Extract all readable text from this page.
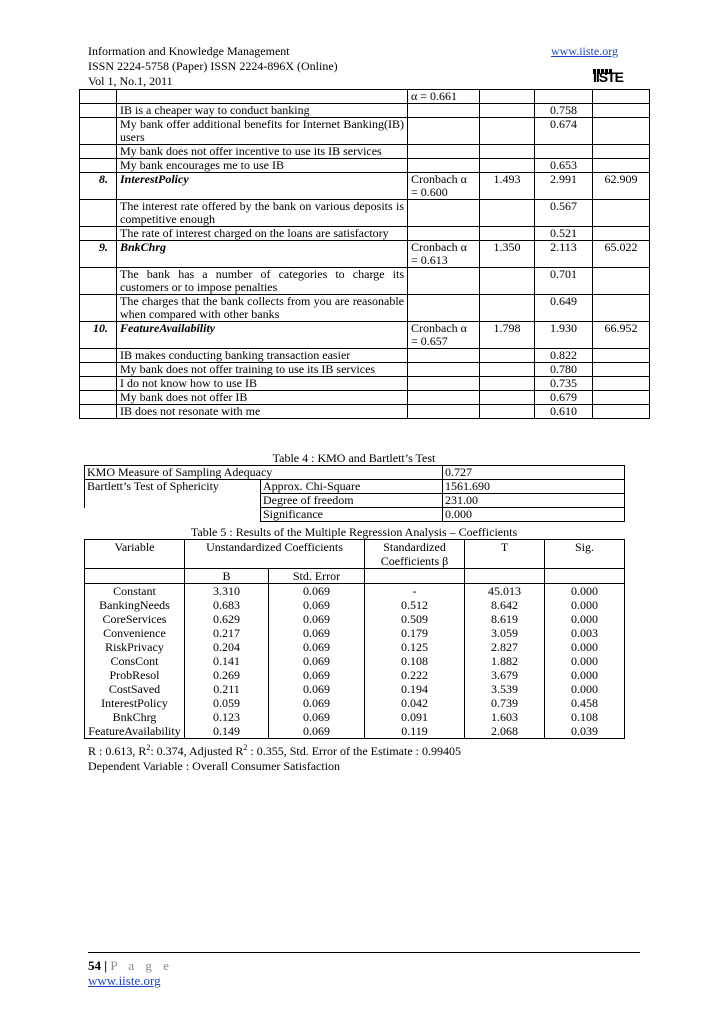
Information and Knowledge Management
ISSN 2224-5758 (Paper) ISSN 2224-896X (Online)
Vol 1, No.1, 2011
www.iiste.org
IISTE
		α = 0.661			
	IB is a cheaper way to conduct banking			0.758	
	My bank offer additional benefits for Internet Banking(IB) users			0.674	
	My bank does not offer incentive to use its IB services				
	My bank encourages me to use IB			0.653	
8.	InterestPolicy	Cronbach α = 0.600	1.493	2.991	62.909
	The interest rate offered by the bank on various deposits is competitive enough			0.567	
	The rate of interest charged on the loans are satisfactory			0.521	
9.	BnkChrg	Cronbach α = 0.613	1.350	2.113	65.022
	The bank has a number of categories to charge its customers or to impose penalties			0.701	
	The charges that the bank collects from you are reasonable when compared with other banks			0.649	
10.	FeatureAvailability	Cronbach α = 0.657	1.798	1.930	66.952
	IB makes conducting banking transaction easier			0.822	
	My bank does not offer training to use its IB services			0.780	
	I do not know how to use IB			0.735	
	My bank does not offer IB			0.679	
	IB does not resonate with me			0.610	
Table 4 : KMO and Bartlett’s Test
KMO Measure of Sampling Adequacy		0.727
Bartlett’s Test of Sphericity	Approx. Chi-Square	1561.690
	Degree of freedom	231.00
	Significance	0.000
Table 5 : Results of the Multiple Regression Analysis – Coefficients
Variable	Unstandardized Coefficients		Standardized Coefficients β	T	Sig.

	B	Std. Error			
Constant	3.310	0.069	-	45.013	0.000
BankingNeeds	0.683	0.069	0.512	8.642	0.000
CoreServices	0.629	0.069	0.509	8.619	0.000
Convenience	0.217	0.069	0.179	3.059	0.003
RiskPrivacy	0.204	0.069	0.125	2.827	0.000
ConsCont	0.141	0.069	0.108	1.882	0.000
ProbResol	0.269	0.069	0.222	3.679	0.000
CostSaved	0.211	0.069	0.194	3.539	0.000
InterestPolicy	0.059	0.069	0.042	0.739	0.458
BnkChrg	0.123	0.069	0.091	1.603	0.108
FeatureAvailability	0.149	0.069	0.119	2.068	0.039
R : 0.613, $R^2$: 0.374, Adjusted $R^2$ : 0.355, Std. Error of the Estimate : 0.99405
Dependent Variable : Overall Consumer Satisfaction
54 | P a g e
www.iiste.org
